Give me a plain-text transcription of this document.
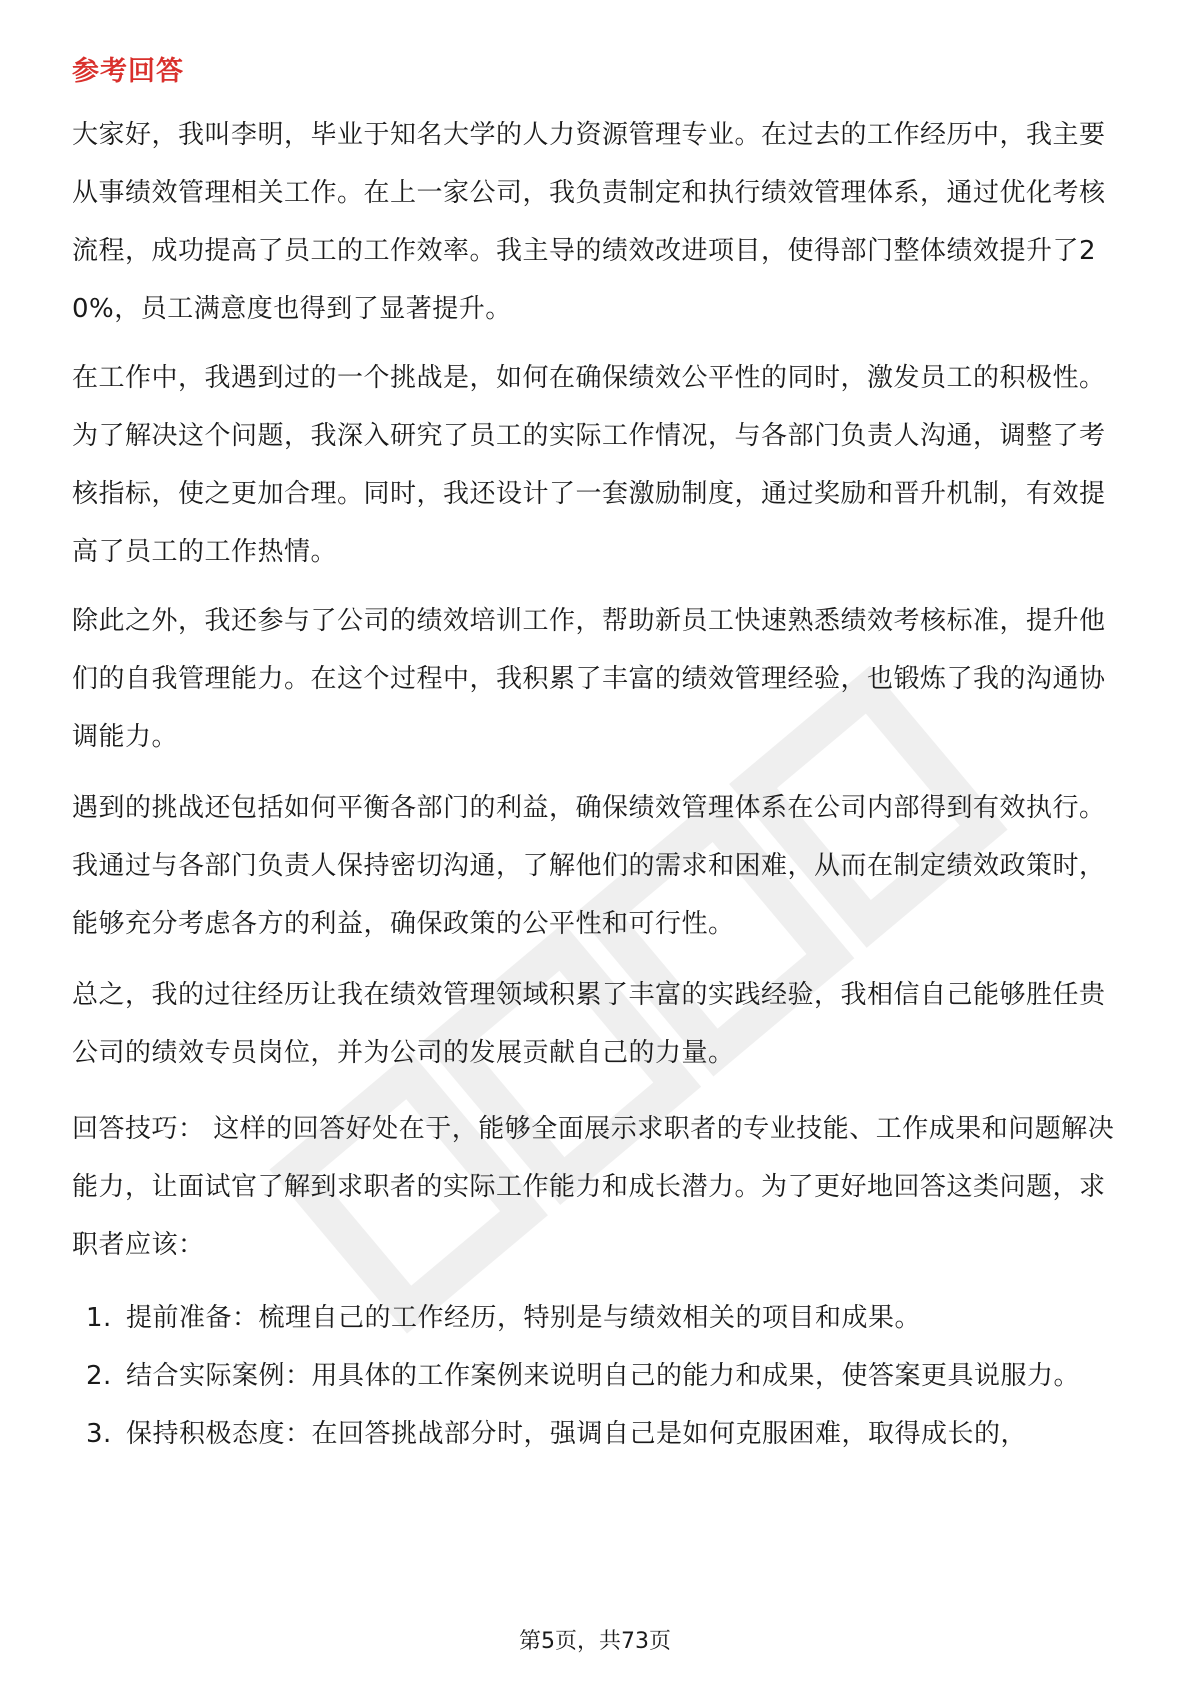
参考回答

大家好，我叫李明，毕业于知名大学的人力资源管理专业。在过去的工作经历中，我主要从事绩效管理相关工作。在上一家公司，我负责制定和执行绩效管理体系，通过优化考核流程，成功提高了员工的工作效率。我主导的绩效改进项目，使得部门整体绩效提升了20%，员工满意度也得到了显著提升。

在工作中，我遇到过的一个挑战是，如何在确保绩效公平性的同时，激发员工的积极性。为了解决这个问题，我深入研究了员工的实际工作情况，与各部门负责人沟通，调整了考核指标，使之更加合理。同时，我还设计了一套激励制度，通过奖励和晋升机制，有效提高了员工的工作热情。

除此之外，我还参与了公司的绩效培训工作，帮助新员工快速熟悉绩效考核标准，提升他们的自我管理能力。在这个过程中，我积累了丰富的绩效管理经验，也锻炼了我的沟通协调能力。

遇到的挑战还包括如何平衡各部门的利益，确保绩效管理体系在公司内部得到有效执行。我通过与各部门负责人保持密切沟通，了解他们的需求和困难，从而在制定绩效政策时，能够充分考虑各方的利益，确保政策的公平性和可行性。

总之，我的过往经历让我在绩效管理领域积累了丰富的实践经验，我相信自己能够胜任贵公司的绩效专员岗位，并为公司的发展贡献自己的力量。

回答技巧： 这样的回答好处在于，能够全面展示求职者的专业技能、工作成果和问题解决能力，让面试官了解到求职者的实际工作能力和成长潜力。为了更好地回答这类问题，求职者应该：

1. 提前准备：梳理自己的工作经历，特别是与绩效相关的项目和成果。
2. 结合实际案例：用具体的工作案例来说明自己的能力和成果，使答案更具说服力。
3. 保持积极态度：在回答挑战部分时，强调自己是如何克服困难，取得成长的，
第5页，共73页
